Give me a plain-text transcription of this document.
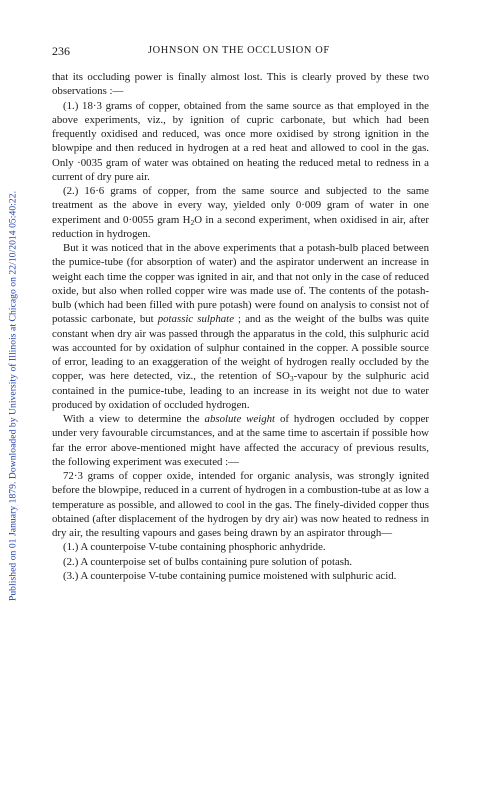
Published on 01 January 1879. Downloaded by University of Illinois at Chicago on 22/10/2014 05:40:22.
236	JOHNSON ON THE OCCLUSION OF

that its occluding power is finally almost lost. This is clearly proved by these two observations :—

(1.) 18·3 grams of copper, obtained from the same source as that employed in the above experiments, viz., by ignition of cupric carbonate, but which had been frequently oxidised and reduced, was once more oxidised by strong ignition in the blowpipe and then reduced in hydrogen at a red heat and allowed to cool in the gas. Only ·0035 gram of water was obtained on heating the reduced metal to redness in a current of dry pure air.

(2.) 16·6 grams of copper, from the same source and subjected to the same treatment as the above in every way, yielded only 0·009 gram of water in one experiment and 0·0055 gram $H_2O$ in a second experiment, when oxidised in air, after reduction in hydrogen.

But it was noticed that in the above experiments that a potash-bulb placed between the pumice-tube (for absorption of water) and the aspirator underwent an increase in weight each time the copper was ignited in air, and that not only in the case of reduced oxide, but also when rolled copper wire was made use of. The contents of the potash-bulb (which had been filled with pure potash) were found on analysis to consist not of potassic carbonate, but potassic sulphate ; and as the weight of the bulbs was quite constant when dry air was passed through the apparatus in the cold, this sulphuric acid was accounted for by oxidation of sulphur contained in the copper. A possible source of error, leading to an exaggeration of the weight of hydrogen really occluded by the copper, was here detected, viz., the retention of $SO_3$-vapour by the sulphuric acid contained in the pumice-tube, leading to an increase in its weight not due to water produced by oxidation of occluded hydrogen.

With a view to determine the absolute weight of hydrogen occluded by copper under very favourable circumstances, and at the same time to ascertain if possible how far the error above-mentioned might have affected the accuracy of previous results, the following experiment was executed :—

72·3 grams of copper oxide, intended for organic analysis, was strongly ignited before the blowpipe, reduced in a current of hydrogen in a combustion-tube at as low a temperature as possible, and allowed to cool in the gas. The finely-divided copper thus obtained (after displacement of the hydrogen by dry air) was now heated to redness in dry air, the resulting vapours and gases being drawn by an aspirator through—

(1.) A counterpoise V-tube containing phosphoric anhydride.

(2.) A counterpoise set of bulbs containing pure solution of potash.

(3.) A counterpoise V-tube containing pumice moistened with sulphuric acid.
